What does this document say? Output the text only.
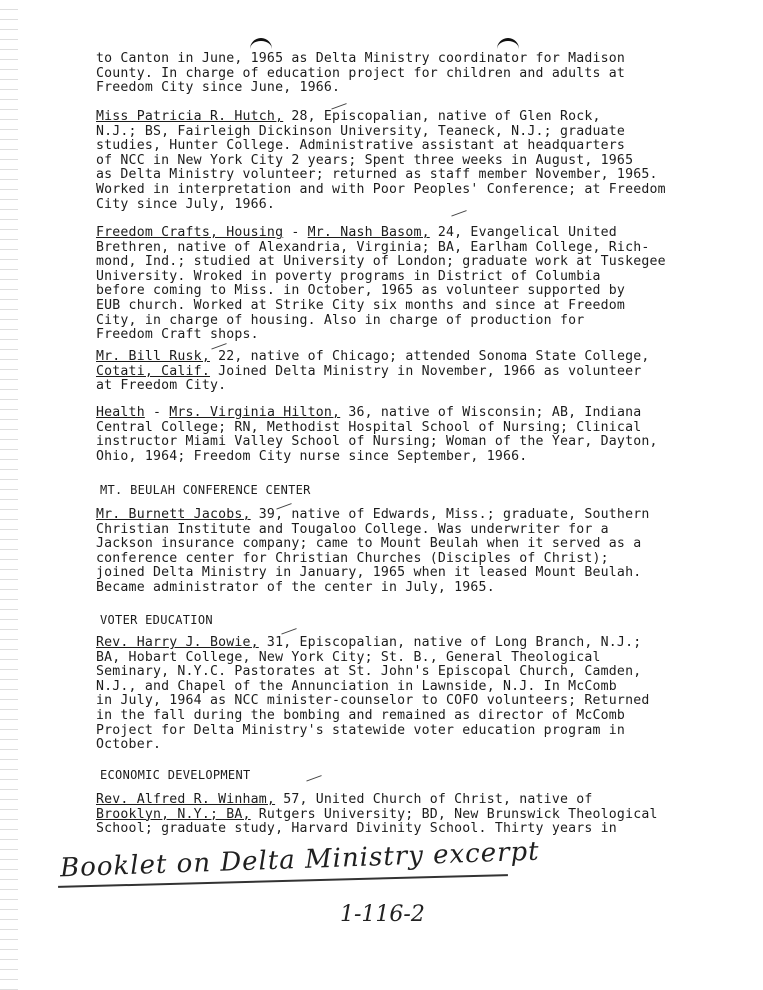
to Canton in June, 1965 as Delta Ministry coordinator for Madison

County. In charge of education project for children and adults at

Freedom City since June, 1966.

Miss Patricia R. Hutch, 28, Episcopalian, native of Glen Rock,

N.J.; BS, Fairleigh Dickinson University, Teaneck, N.J.; graduate

studies, Hunter College. Administrative assistant at headquarters

of NCC in New York City 2 years; Spent three weeks in August, 1965

as Delta Ministry volunteer; returned as staff member November, 1965.

Worked in interpretation and with Poor Peoples' Conference; at Freedom

City since July, 1966.

Freedom Crafts, Housing - Mr. Nash Basom, 24, Evangelical United

Brethren, native of Alexandria, Virginia; BA, Earlham College, Rich-

mond, Ind.; studied at University of London; graduate work at Tuskegee

University. Wroked in poverty programs in District of Columbia

before coming to Miss. in October, 1965 as volunteer supported by

EUB church. Worked at Strike City six months and since at Freedom

City, in charge of housing. Also in charge of production for

Freedom Craft shops.

Mr. Bill Rusk, 22, native of Chicago; attended Sonoma State College,

Cotati, Calif. Joined Delta Ministry in November, 1966 as volunteer

at Freedom City.

Health - Mrs. Virginia Hilton, 36, native of Wisconsin; AB, Indiana

Central College; RN, Methodist Hospital School of Nursing; Clinical

instructor Miami Valley School of Nursing; Woman of the Year, Dayton,

Ohio, 1964; Freedom City nurse since September, 1966.

MT. BEULAH CONFERENCE CENTER

Mr. Burnett Jacobs, 39, native of Edwards, Miss.; graduate, Southern

Christian Institute and Tougaloo College. Was underwriter for a

Jackson insurance company; came to Mount Beulah when it served as a

conference center for Christian Churches (Disciples of Christ);

joined Delta Ministry in January, 1965 when it leased Mount Beulah.

Became administrator of the center in July, 1965.

VOTER EDUCATION

Rev. Harry J. Bowie, 31, Episcopalian, native of Long Branch, N.J.;

BA, Hobart College, New York City; St. B., General Theological

Seminary, N.Y.C. Pastorates at St. John's Episcopal Church, Camden,

N.J., and Chapel of the Annunciation in Lawnside, N.J. In McComb

in July, 1964 as NCC minister-counselor to COFO volunteers; Returned

in the fall during the bombing and remained as director of McComb

Project for Delta Ministry's statewide voter education program in

October.

ECONOMIC DEVELOPMENT

Rev. Alfred R. Winham, 57, United Church of Christ, native of

Brooklyn, N.Y.; BA, Rutgers University; BD, New Brunswick Theological

School; graduate study, Harvard Divinity School. Thirty years in

Booklet on Delta Ministry excerpt
1-116-2
